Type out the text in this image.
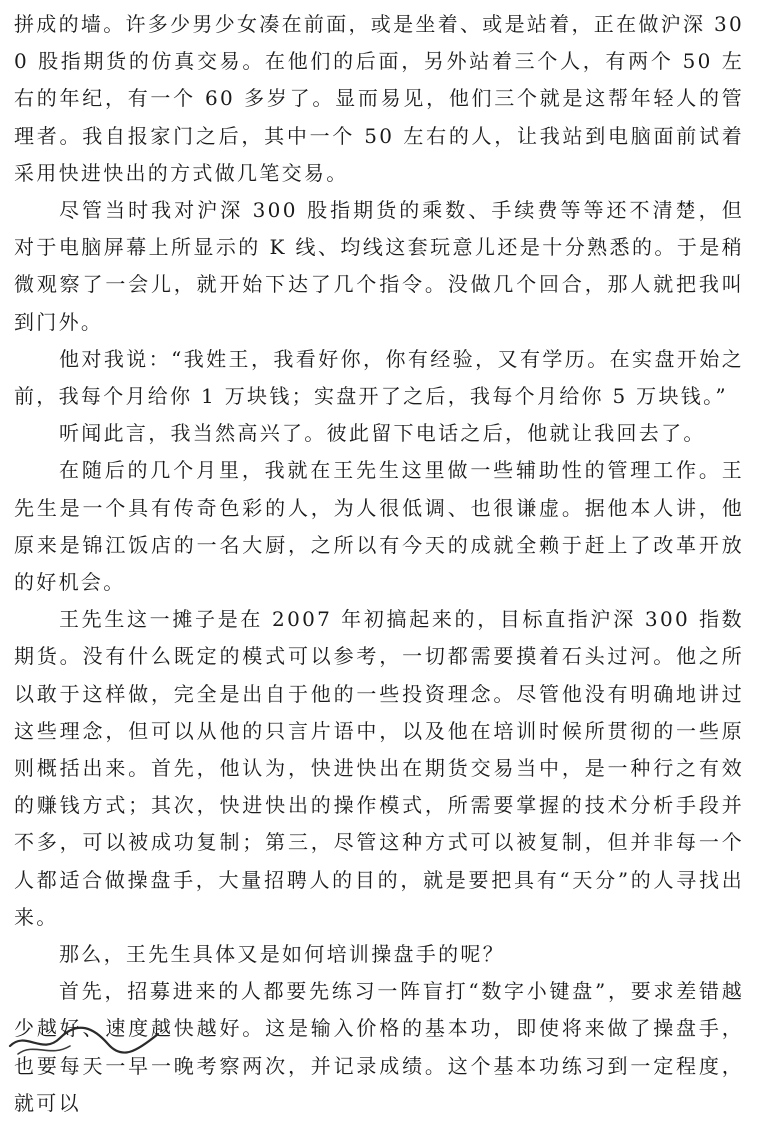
拼成的墙。许多少男少女凑在前面，或是坐着、或是站着，正在做沪深 300 股指期货的仿真交易。在他们的后面，另外站着三个人，有两个 50 左右的年纪，有一个 60 多岁了。显而易见，他们三个就是这帮年轻人的管理者。我自报家门之后，其中一个 50 左右的人，让我站到电脑面前试着采用快进快出的方式做几笔交易。

尽管当时我对沪深 300 股指期货的乘数、手续费等等还不清楚，但对于电脑屏幕上所显示的 K 线、均线这套玩意儿还是十分熟悉的。于是稍微观察了一会儿，就开始下达了几个指令。没做几个回合，那人就把我叫到门外。

他对我说：“我姓王，我看好你，你有经验，又有学历。在实盘开始之前，我每个月给你 1 万块钱；实盘开了之后，我每个月给你 5 万块钱。”

听闻此言，我当然高兴了。彼此留下电话之后，他就让我回去了。

在随后的几个月里，我就在王先生这里做一些辅助性的管理工作。王先生是一个具有传奇色彩的人，为人很低调、也很谦虚。据他本人讲，他原来是锦江饭店的一名大厨，之所以有今天的成就全赖于赶上了改革开放的好机会。

王先生这一摊子是在 2007 年初搞起来的，目标直指沪深 300 指数期货。没有什么既定的模式可以参考，一切都需要摸着石头过河。他之所以敢于这样做，完全是出自于他的一些投资理念。尽管他没有明确地讲过这些理念，但可以从他的只言片语中，以及他在培训时候所贯彻的一些原则概括出来。首先，他认为，快进快出在期货交易当中，是一种行之有效的赚钱方式；其次，快进快出的操作模式，所需要掌握的技术分析手段并不多，可以被成功复制；第三，尽管这种方式可以被复制，但并非每一个人都适合做操盘手，大量招聘人的目的，就是要把具有“天分”的人寻找出来。

那么，王先生具体又是如何培训操盘手的呢？

首先，招募进来的人都要先练习一阵盲打“数字小键盘”，要求差错越少越好、速度越快越好。这是输入价格的基本功，即使将来做了操盘手，也要每天一早一晚考察两次，并记录成绩。这个基本功练习到一定程度，就可以
